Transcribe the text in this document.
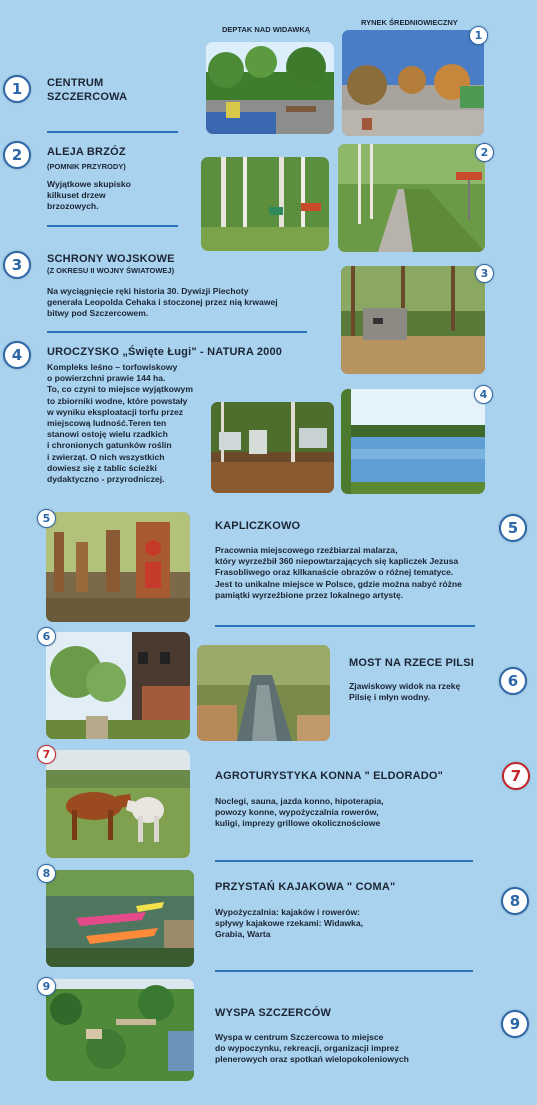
DEPTAK NAD WIDAWKĄ
RYNEK ŚREDNIOWIECZNY
1	CENTRUM
SZCZERCOWA
1
2	ALEJA BRZÓZ
(POMNIK PRZYRODY)
Wyjątkowe skupisko
kilkuset drzew
brzozowych.
2
3	SCHRONY WOJSKOWE
(Z OKRESU II WOJNY ŚWIATOWEJ)
Na wyciągnięcie ręki historia 30. Dywizji Piechoty
generała Leopolda Cehaka i stoczonej przez nią krwawej
bitwy pod Szczercowem.
3
4	UROCZYSKO „Święte Ługi" - NATURA 2000
Kompleks leśno – torfowiskowy
o powierzchni prawie 144 ha.
To, co czyni to miejsce wyjątkowym
to zbiorniki wodne, które powstały
w wyniku eksploatacji torfu przez
miejscową ludność.Teren ten
stanowi ostoję wielu rzadkich
i chronionych gatunków roślin
i zwierząt. O nich wszystkich
dowiesz się z tablic ścieżki
dydaktyczno - przyrodniczej.
4
5
KAPLICZKOWO
Pracownia miejscowego rzeźbiarzai malarza,
który wyrzeźbił 360 niepowtarzających się kapliczek Jezusa
Frasobliwego oraz kilkanaście obrazów o różnej tematyce.
Jest to unikalne miejsce w Polsce, gdzie można nabyć różne
pamiątki wyrzeźbione przez lokalnego artystę.
5
6
MOST NA RZECE PILSI
Zjawiskowy widok na rzekę
Pilsię i młyn wodny.
6
7
AGROTURYSTYKA KONNA " ELDORADO"
Noclegi, sauna, jazda konno, hipoterapia,
powozy konne, wypożyczalnia rowerów,
kuligi, imprezy grillowe okolicznościowe
7
8
PRZYSTAŃ KAJAKOWA " COMA"
Wypożyczalnia: kajaków i rowerów:
spływy kajakowe rzekami: Widawka,
Grabia, Warta
8
9
WYSPA SZCZERCÓW
Wyspa w centrum Szczercowa to miejsce
do wypoczynku, rekreacji, organizacji imprez
plenerowych oraz spotkań wielopokoleniowych
9
